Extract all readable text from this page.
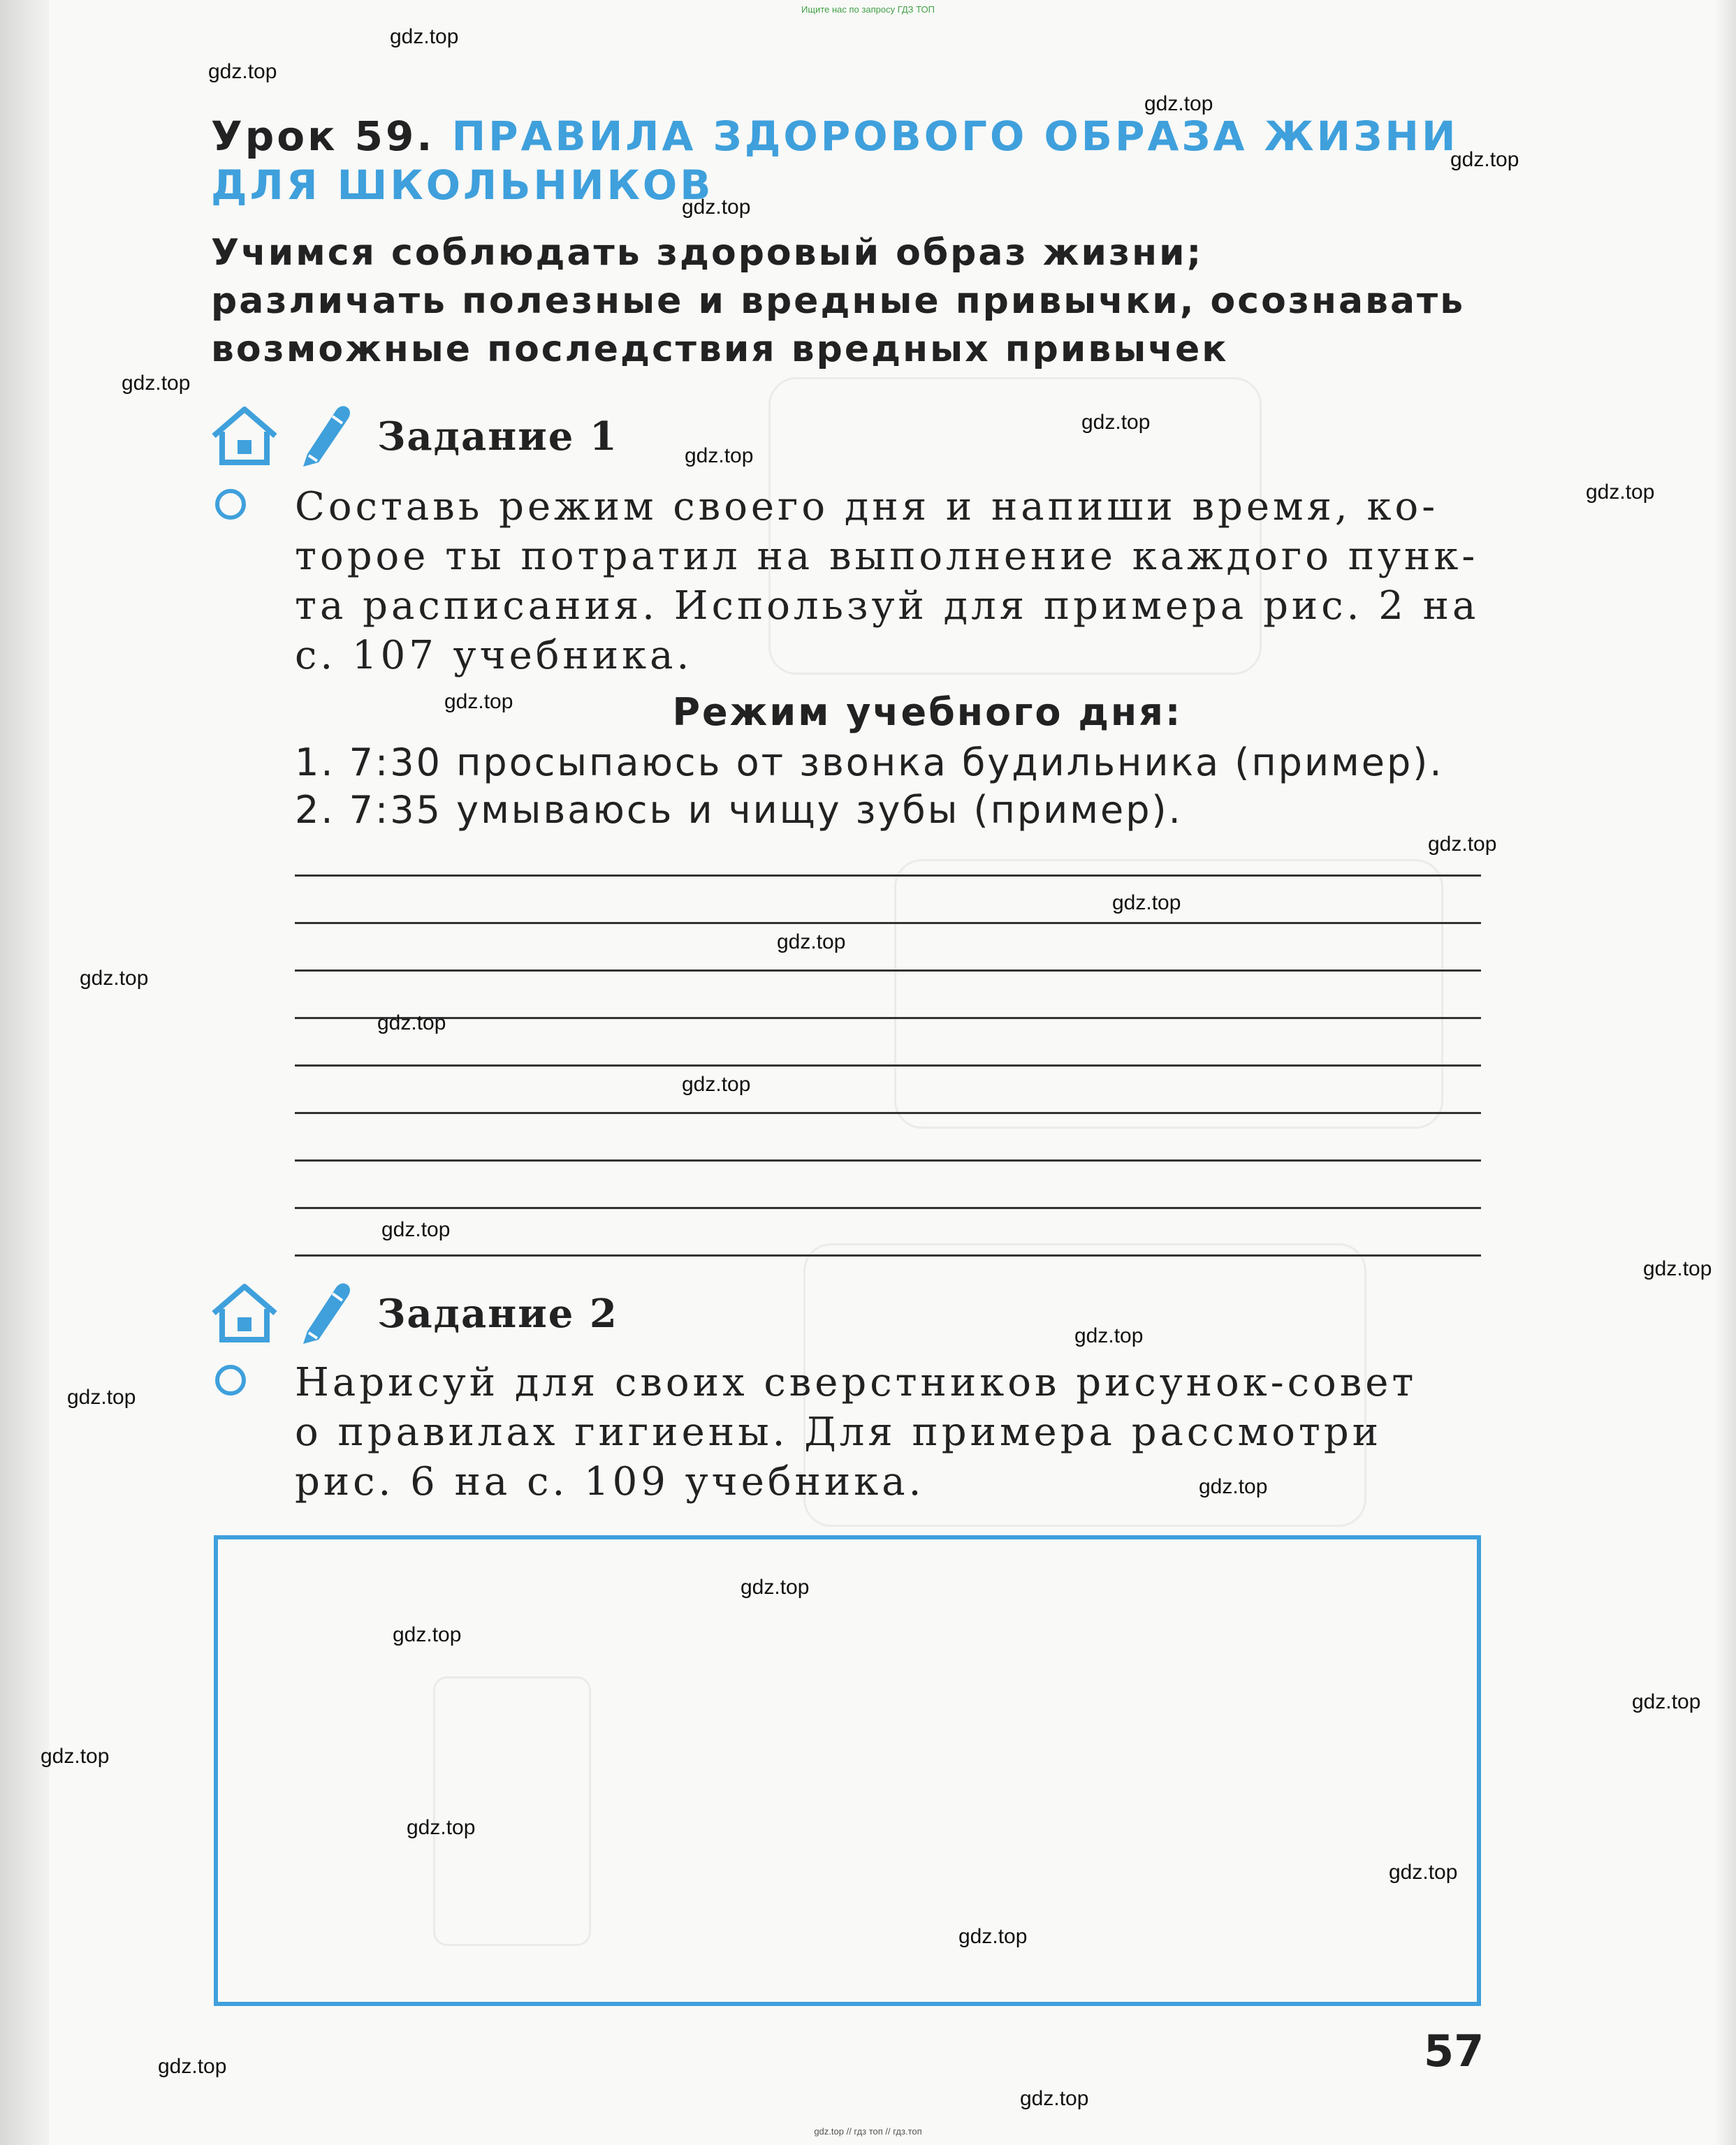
Ищите нас по запросу ГДЗ ТОП
Урок 59. ПРАВИЛА ЗДОРОВОГО ОБРАЗА ЖИЗНИ
ДЛЯ ШКОЛЬНИКОВ
Учимся соблюдать здоровый образ жизни;
различать полезные и вредные привычки, осознавать
возможные последствия вредных привычек
Задание 1
Составь режим своего дня и напиши время, ко-
торое ты потратил на выполнение каждого пунк-
та расписания. Используй для примера рис. 2 на
с. 107 учебника.
Режим учебного дня:
1. 7:30 просыпаюсь от звонка будильника (пример).
2. 7:35 умываюсь и чищу зубы (пример).
Задание 2
Нарисуй для своих сверстников рисунок-совет
о правилах гигиены. Для примера рассмотри
рис. 6 на с. 109 учебника.
57
gdz.top
gdz.top
gdz.top
gdz.top
gdz.top
gdz.top
gdz.top
gdz.top
gdz.top
gdz.top
gdz.top
gdz.top
gdz.top
gdz.top
gdz.top
gdz.top
gdz.top
gdz.top
gdz.top
gdz.top
gdz.top
gdz.top
gdz.top
gdz.top
gdz.top
gdz.top
gdz.top
gdz.top
gdz.top
gdz.top
gdz.top // гдз топ // гдз.топ
